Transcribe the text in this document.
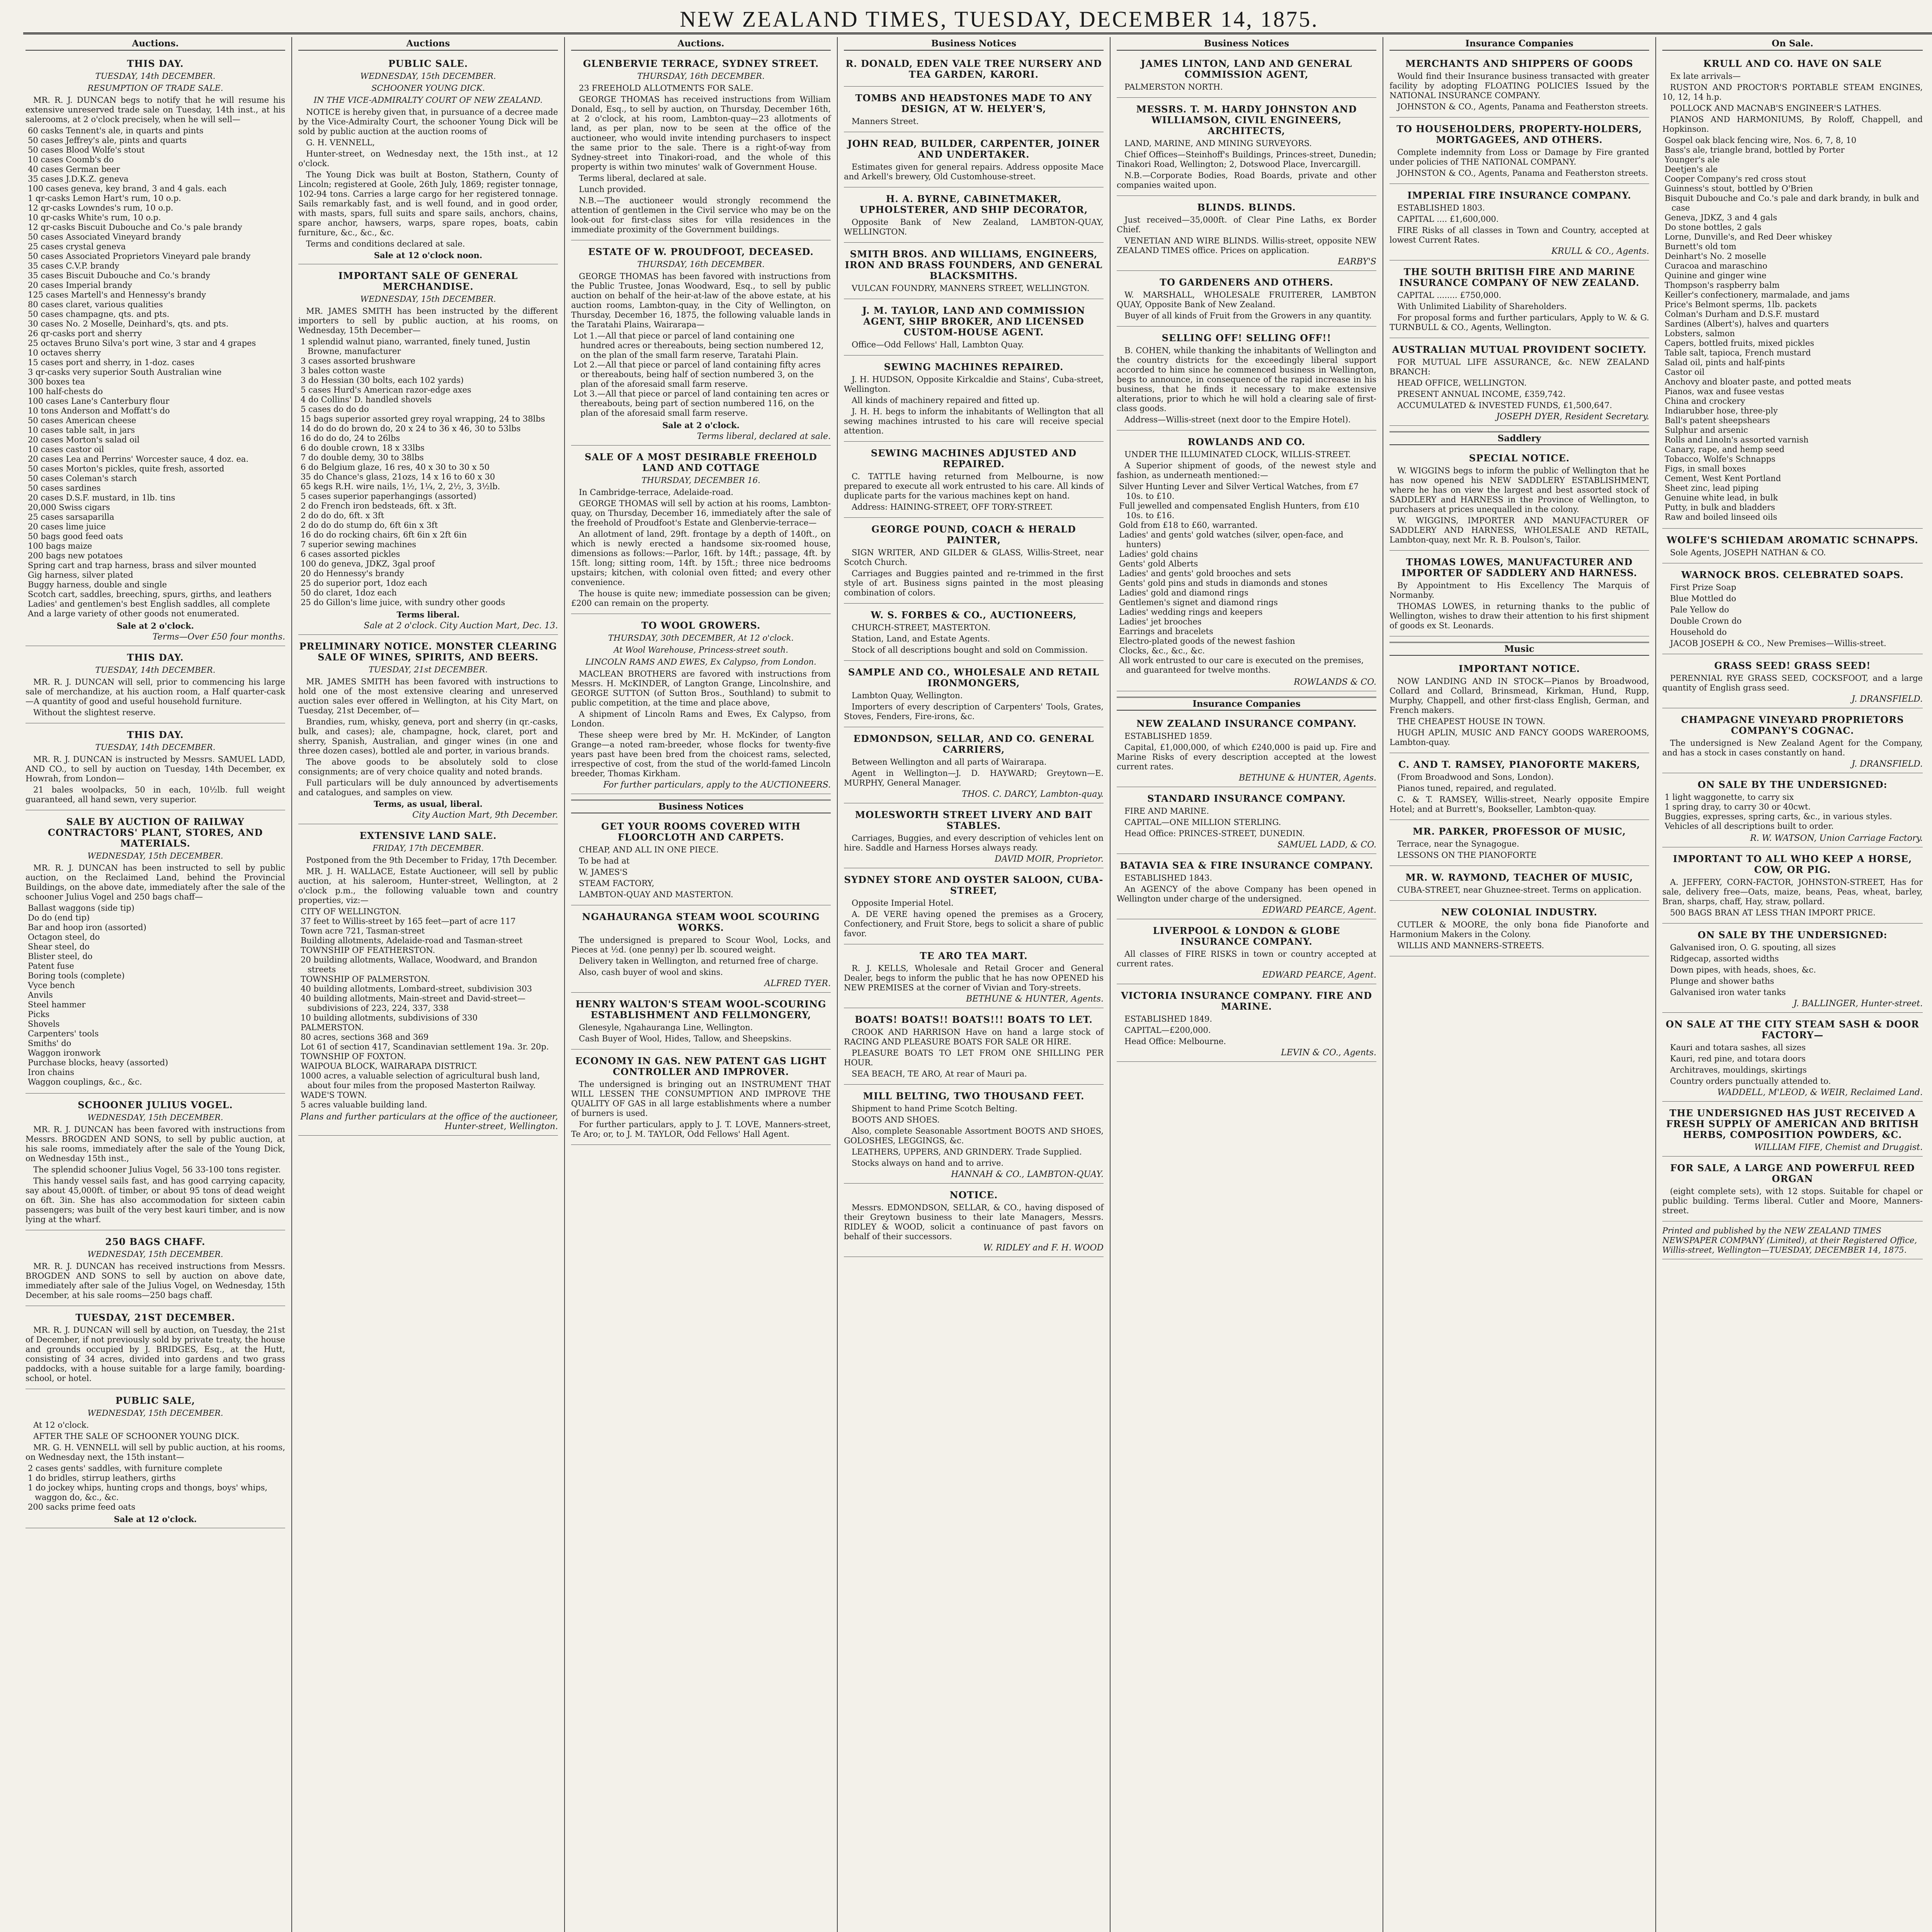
NEW ZEALAND TIMES, TUESDAY, DECEMBER 14, 1875.
Auctions.
THIS DAY.
TUESDAY, 14th DECEMBER.
RESUMPTION OF TRADE SALE.

MR. R. J. DUNCAN begs to notify that he will resume his extensive unreserved trade sale on Tuesday, 14th inst., at his salerooms, at 2 o'clock precisely, when he will sell—

60 casks Tennent's ale, in quarts and pints
50 cases Jeffrey's ale, pints and quarts
50 cases Blood Wolfe's stout
10 cases Coomb's do
40 cases German beer
35 cases J.D.K.Z. geneva
100 cases geneva, key brand, 3 and 4 gals. each
1 qr-casks Lemon Hart's rum, 10 o.p.
12 qr-casks Lowndes's rum, 10 o.p.
10 qr-casks White's rum, 10 o.p.
12 qr-casks Biscuit Dubouche and Co.'s pale brandy
50 cases Associated Vineyard brandy
25 cases crystal geneva
50 cases Associated Proprietors Vineyard pale brandy
35 cases C.V.P. brandy
35 cases Biscuit Dubouche and Co.'s brandy
20 cases Imperial brandy
125 cases Martell's and Hennessy's brandy
80 cases claret, various qualities
50 cases champagne, qts. and pts.
30 cases No. 2 Moselle, Deinhard's, qts. and pts.
26 qr-casks port and sherry
25 octaves Bruno Silva's port wine, 3 star and 4 grapes
10 octaves sherry
15 cases port and sherry, in 1-doz. cases
3 qr-casks very superior South Australian wine
300 boxes tea
100 half-chests do
100 cases Lane's Canterbury flour
10 tons Anderson and Moffatt's do
50 cases American cheese
10 cases table salt, in jars
20 cases Morton's salad oil
10 cases castor oil
20 cases Lea and Perrins' Worcester sauce, 4 doz. ea.
50 cases Morton's pickles, quite fresh, assorted
50 cases Coleman's starch
50 cases sardines
20 cases D.S.F. mustard, in 1lb. tins
20,000 Swiss cigars
25 cases sarsaparilla
20 cases lime juice
50 bags good feed oats
100 bags maize
200 bags new potatoes
Spring cart and trap harness, brass and silver mounted
Gig harness, silver plated
Buggy harness, double and single
Scotch cart, saddles, breeching, spurs, girths, and leathers
Ladies' and gentlemen's best English saddles, all complete
And a large variety of other goods not enumerated.
Sale at 2 o'clock.
Terms—Over £50 four months.
THIS DAY.
TUESDAY, 14th DECEMBER.

MR. R. J. DUNCAN will sell, prior to commencing his large sale of merchandize, at his auction room, a Half quarter-cask—A quantity of good and useful household furniture.

Without the slightest reserve.

THIS DAY.
TUESDAY, 14th DECEMBER.

MR. R. J. DUNCAN is instructed by Messrs. SAMUEL LADD, AND CO., to sell by auction on Tuesday, 14th December, ex Howrah, from London—

21 bales woolpacks, 50 in each, 10½lb. full weight guaranteed, all hand sewn, very superior.

SALE BY AUCTION OF RAILWAY CONTRACTORS' PLANT, STORES, AND MATERIALS.
WEDNESDAY, 15th DECEMBER.

MR. R. J. DUNCAN has been instructed to sell by public auction, on the Reclaimed Land, behind the Provincial Buildings, on the above date, immediately after the sale of the schooner Julius Vogel and 250 bags chaff—

Ballast waggons (side tip)
Do do (end tip)
Bar and hoop iron (assorted)
Octagon steel, do
Shear steel, do
Blister steel, do
Patent fuse
Boring tools (complete)
Vyce bench
Anvils
Steel hammer
Picks
Shovels
Carpenters' tools
Smiths' do
Waggon ironwork
Purchase blocks, heavy (assorted)
Iron chains
Waggon couplings, &c., &c.
SCHOONER JULIUS VOGEL.
WEDNESDAY, 15th DECEMBER.

MR. R. J. DUNCAN has been favored with instructions from Messrs. BROGDEN AND SONS, to sell by public auction, at his sale rooms, immediately after the sale of the Young Dick, on Wednesday 15th inst.,

The splendid schooner Julius Vogel, 56 33-100 tons register.

This handy vessel sails fast, and has good carrying capacity, say about 45,000ft. of timber, or about 95 tons of dead weight on 6ft. 3in. She has also accommodation for sixteen cabin passengers; was built of the very best kauri timber, and is now lying at the wharf.

250 BAGS CHAFF.
WEDNESDAY, 15th DECEMBER.

MR. R. J. DUNCAN has received instructions from Messrs. BROGDEN AND SONS to sell by auction on above date, immediately after sale of the Julius Vogel, on Wednesday, 15th December, at his sale rooms—250 bags chaff.

TUESDAY, 21ST DECEMBER.

MR. R. J. DUNCAN will sell by auction, on Tuesday, the 21st of December, if not previously sold by private treaty, the house and grounds occupied by J. BRIDGES, Esq., at the Hutt, consisting of 34 acres, divided into gardens and two grass paddocks, with a house suitable for a large family, boarding-school, or hotel.

PUBLIC SALE,
WEDNESDAY, 15th DECEMBER.

At 12 o'clock.

AFTER THE SALE OF SCHOONER YOUNG DICK.

MR. G. H. VENNELL will sell by public auction, at his rooms, on Wednesday next, the 15th instant—

2 cases gents' saddles, with furniture complete
1 do bridles, stirrup leathers, girths
1 do jockey whips, hunting crops and thongs, boys' whips, waggon do, &c., &c.
200 sacks prime feed oats
Sale at 12 o'clock.
Auctions
PUBLIC SALE.
WEDNESDAY, 15th DECEMBER.
SCHOONER YOUNG DICK.
IN THE VICE-ADMIRALTY COURT OF NEW ZEALAND.

NOTICE is hereby given that, in pursuance of a decree made by the Vice-Admiralty Court, the schooner Young Dick will be sold by public auction at the auction rooms of

G. H. VENNELL,

Hunter-street, on Wednesday next, the 15th inst., at 12 o'clock.

The Young Dick was built at Boston, Stathern, County of Lincoln; registered at Goole, 26th July, 1869; register tonnage, 102-94 tons. Carries a large cargo for her registered tonnage. Sails remarkably fast, and is well found, and in good order, with masts, spars, full suits and spare sails, anchors, chains, spare anchor, hawsers, warps, spare ropes, boats, cabin furniture, &c., &c., &c.

Terms and conditions declared at sale.

Sale at 12 o'clock noon.
IMPORTANT SALE OF GENERAL MERCHANDISE.
WEDNESDAY, 15th DECEMBER.

MR. JAMES SMITH has been instructed by the different importers to sell by public auction, at his rooms, on Wednesday, 15th December—

1 splendid walnut piano, warranted, finely tuned, Justin Browne, manufacturer
3 cases assorted brushware
3 bales cotton waste
3 do Hessian (30 bolts, each 102 yards)
5 cases Hurd's American razor-edge axes
4 do Collins' D. handled shovels
5 cases do do do
15 bags superior assorted grey royal wrapping, 24 to 38lbs
14 do do do brown do, 20 x 24 to 36 x 46, 30 to 53lbs
16 do do do, 24 to 26lbs
6 do double crown, 18 x 33lbs
7 do double demy, 30 to 38lbs
6 do Belgium glaze, 16 res, 40 x 30 to 30 x 50
35 do Chance's glass, 21ozs, 14 x 16 to 60 x 30
65 kegs R.H. wire nails, 1½, 1¼, 2, 2½, 3, 3½lb.
5 cases superior paperhangings (assorted)
2 do French iron bedsteads, 6ft. x 3ft.
2 do do do, 6ft. x 3ft
2 do do do stump do, 6ft 6in x 3ft
16 do do rocking chairs, 6ft 6in x 2ft 6in
7 superior sewing machines
6 cases assorted pickles
100 do geneva, JDKZ, 3gal proof
20 do Hennessy's brandy
25 do superior port, 1doz each
50 do claret, 1doz each
25 do Gillon's lime juice, with sundry other goods
Terms liberal.
Sale at 2 o'clock. City Auction Mart, Dec. 13.
PRELIMINARY NOTICE. MONSTER CLEARING SALE OF WINES, SPIRITS, AND BEERS.
TUESDAY, 21st DECEMBER.

MR. JAMES SMITH has been favored with instructions to hold one of the most extensive clearing and unreserved auction sales ever offered in Wellington, at his City Mart, on Tuesday, 21st December, of—

Brandies, rum, whisky, geneva, port and sherry (in qr.-casks, bulk, and cases); ale, champagne, hock, claret, port and sherry, Spanish, Australian, and ginger wines (in one and three dozen cases), bottled ale and porter, in various brands.

The above goods to be absolutely sold to close consignments; are of very choice quality and noted brands.

Full particulars will be duly announced by advertisements and catalogues, and samples on view.

Terms, as usual, liberal.
City Auction Mart, 9th December.
EXTENSIVE LAND SALE.
FRIDAY, 17th DECEMBER.

Postponed from the 9th December to Friday, 17th December.

MR. J. H. WALLACE, Estate Auctioneer, will sell by public auction, at his saleroom, Hunter-street, Wellington, at 2 o'clock p.m., the following valuable town and country properties, viz:—

CITY OF WELLINGTON.
37 feet to Willis-street by 165 feet—part of acre 117
Town acre 721, Tasman-street
Building allotments, Adelaide-road and Tasman-street
TOWNSHIP OF FEATHERSTON.
20 building allotments, Wallace, Woodward, and Brandon streets
TOWNSHIP OF PALMERSTON.
40 building allotments, Lombard-street, subdivision 303
40 building allotments, Main-street and David-street—subdivisions of 223, 224, 337, 338
10 building allotments, subdivisions of 330
PALMERSTON.
80 acres, sections 368 and 369
Lot 61 of section 417, Scandinavian settlement 19a. 3r. 20p.
TOWNSHIP OF FOXTON.
WAIPOUA BLOCK, WAIRARAPA DISTRICT.
1000 acres, a valuable selection of agricultural bush land, about four miles from the proposed Masterton Railway.
WADE'S TOWN.
5 acres valuable building land.
Plans and further particulars at the office of the auctioneer, Hunter-street, Wellington.
Auctions.
GLENBERVIE TERRACE, SYDNEY STREET.
THURSDAY, 16th DECEMBER.

23 FREEHOLD ALLOTMENTS FOR SALE.

GEORGE THOMAS has received instructions from William Donald, Esq., to sell by auction, on Thursday, December 16th, at 2 o'clock, at his room, Lambton-quay—23 allotments of land, as per plan, now to be seen at the office of the auctioneer, who would invite intending purchasers to inspect the same prior to the sale. There is a right-of-way from Sydney-street into Tinakori-road, and the whole of this property is within two minutes' walk of Government House.

Terms liberal, declared at sale.

Lunch provided.

N.B.—The auctioneer would strongly recommend the attention of gentlemen in the Civil service who may be on the look-out for first-class sites for villa residences in the immediate proximity of the Government buildings.

ESTATE OF W. PROUDFOOT, DECEASED.
THURSDAY, 16th DECEMBER.

GEORGE THOMAS has been favored with instructions from the Public Trustee, Jonas Woodward, Esq., to sell by public auction on behalf of the heir-at-law of the above estate, at his auction rooms, Lambton-quay, in the City of Wellington, on Thursday, December 16, 1875, the following valuable lands in the Taratahi Plains, Wairarapa—

Lot 1.—All that piece or parcel of land containing one hundred acres or thereabouts, being section numbered 12, on the plan of the small farm reserve, Taratahi Plain.
Lot 2.—All that piece or parcel of land containing fifty acres or thereabouts, being half of section numbered 3, on the plan of the aforesaid small farm reserve.
Lot 3.—All that piece or parcel of land containing ten acres or thereabouts, being part of section numbered 116, on the plan of the aforesaid small farm reserve.
Sale at 2 o'clock.
Terms liberal, declared at sale.
SALE OF A MOST DESIRABLE FREEHOLD LAND AND COTTAGE
THURSDAY, DECEMBER 16.

In Cambridge-terrace, Adelaide-road.

GEORGE THOMAS will sell by action at his rooms, Lambton-quay, on Thursday, December 16, immediately after the sale of the freehold of Proudfoot's Estate and Glenbervie-terrace—

An allotment of land, 29ft. frontage by a depth of 140ft., on which is newly erected a handsome six-roomed house, dimensions as follows:—Parlor, 16ft. by 14ft.; passage, 4ft. by 15ft. long; sitting room, 14ft. by 15ft.; three nice bedrooms upstairs; kitchen, with colonial oven fitted; and every other convenience.

The house is quite new; immediate possession can be given; £200 can remain on the property.

TO WOOL GROWERS.
THURSDAY, 30th DECEMBER, At 12 o'clock.
At Wool Warehouse, Princess-street south.
LINCOLN RAMS AND EWES, Ex Calypso, from London.

MACLEAN BROTHERS are favored with instructions from Messrs. H. McKINDER, of Langton Grange, Lincolnshire, and GEORGE SUTTON (of Sutton Bros., Southland) to submit to public competition, at the time and place above,

A shipment of Lincoln Rams and Ewes, Ex Calypso, from London.

These sheep were bred by Mr. H. McKinder, of Langton Grange—a noted ram-breeder, whose flocks for twenty-five years past have been bred from the choicest rams, selected, irrespective of cost, from the stud of the world-famed Lincoln breeder, Thomas Kirkham.

For further particulars, apply to the AUCTIONEERS.
Business Notices
GET YOUR ROOMS COVERED WITH FLOORCLOTH AND CARPETS.

CHEAP, AND ALL IN ONE PIECE.

To be had at

W. JAMES'S

STEAM FACTORY,

LAMBTON-QUAY AND MASTERTON.

NGAHAURANGA STEAM WOOL SCOURING WORKS.

The undersigned is prepared to Scour Wool, Locks, and Pieces at ½d. (one penny) per lb. scoured weight.

Delivery taken in Wellington, and returned free of charge.

Also, cash buyer of wool and skins.

ALFRED TYER.
HENRY WALTON'S STEAM WOOL-SCOURING ESTABLISHMENT AND FELLMONGERY,

Glenesyle, Ngahauranga Line, Wellington.

Cash Buyer of Wool, Hides, Tallow, and Sheepskins.

ECONOMY IN GAS. NEW PATENT GAS LIGHT CONTROLLER AND IMPROVER.

The undersigned is bringing out an INSTRUMENT THAT WILL LESSEN THE CONSUMPTION AND IMPROVE THE QUALITY OF GAS in all large establishments where a number of burners is used.

For further particulars, apply to J. T. LOVE, Manners-street, Te Aro; or, to J. M. TAYLOR, Odd Fellows' Hall Agent.

Business Notices
R. DONALD, EDEN VALE TREE NURSERY AND TEA GARDEN, KARORI.
TOMBS AND HEADSTONES MADE TO ANY DESIGN, AT W. HELYER'S,

Manners Street.

JOHN READ, BUILDER, CARPENTER, JOINER AND UNDERTAKER.

Estimates given for general repairs. Address opposite Mace and Arkell's brewery, Old Customhouse-street.

H. A. BYRNE, CABINETMAKER, UPHOLSTERER, AND SHIP DECORATOR,

Opposite Bank of New Zealand, LAMBTON-QUAY, WELLINGTON.

SMITH BROS. AND WILLIAMS, ENGINEERS, IRON AND BRASS FOUNDERS, AND GENERAL BLACKSMITHS.

VULCAN FOUNDRY, MANNERS STREET, WELLINGTON.

J. M. TAYLOR, LAND AND COMMISSION AGENT, SHIP BROKER, AND LICENSED CUSTOM-HOUSE AGENT.

Office—Odd Fellows' Hall, Lambton Quay.

SEWING MACHINES REPAIRED.

J. H. HUDSON, Opposite Kirkcaldie and Stains', Cuba-street, Wellington.

All kinds of machinery repaired and fitted up.

J. H. H. begs to inform the inhabitants of Wellington that all sewing machines intrusted to his care will receive special attention.

SEWING MACHINES ADJUSTED AND REPAIRED.

C. TATTLE having returned from Melbourne, is now prepared to execute all work entrusted to his care. All kinds of duplicate parts for the various machines kept on hand.

Address: HAINING-STREET, OFF TORY-STREET.

GEORGE POUND, COACH & HERALD PAINTER,

SIGN WRITER, AND GILDER & GLASS, Willis-Street, near Scotch Church.

Carriages and Buggies painted and re-trimmed in the first style of art. Business signs painted in the most pleasing combination of colors.

W. S. FORBES & CO., AUCTIONEERS,

CHURCH-STREET, MASTERTON.

Station, Land, and Estate Agents.

Stock of all descriptions bought and sold on Commission.

SAMPLE AND CO., WHOLESALE AND RETAIL IRONMONGERS,

Lambton Quay, Wellington.

Importers of every description of Carpenters' Tools, Grates, Stoves, Fenders, Fire-irons, &c.

EDMONDSON, SELLAR, AND CO. GENERAL CARRIERS,

Between Wellington and all parts of Wairarapa.

Agent in Wellington—J. D. HAYWARD; Greytown—E. MURPHY, General Manager.

THOS. C. DARCY, Lambton-quay.
MOLESWORTH STREET LIVERY AND BAIT STABLES.

Carriages, Buggies, and every description of vehicles lent on hire. Saddle and Harness Horses always ready.

DAVID MOIR, Proprietor.
SYDNEY STORE AND OYSTER SALOON, CUBA-STREET,

Opposite Imperial Hotel.

A. DE VERE having opened the premises as a Grocery, Confectionery, and Fruit Store, begs to solicit a share of public favor.

TE ARO TEA MART.

R. J. KELLS, Wholesale and Retail Grocer and General Dealer, begs to inform the public that he has now OPENED his NEW PREMISES at the corner of Vivian and Tory-streets.

BETHUNE & HUNTER, Agents.
BOATS! BOATS!! BOATS!!! BOATS TO LET.

CROOK AND HARRISON Have on hand a large stock of RACING AND PLEASURE BOATS FOR SALE OR HIRE.

PLEASURE BOATS TO LET FROM ONE SHILLING PER HOUR.

SEA BEACH, TE ARO, At rear of Mauri pa.

MILL BELTING, TWO THOUSAND FEET.

Shipment to hand Prime Scotch Belting.

BOOTS AND SHOES.

Also, complete Seasonable Assortment BOOTS AND SHOES, GOLOSHES, LEGGINGS, &c.

LEATHERS, UPPERS, AND GRINDERY. Trade Supplied.

Stocks always on hand and to arrive.

HANNAH & CO., LAMBTON-QUAY.
NOTICE.

Messrs. EDMONDSON, SELLAR, & CO., having disposed of their Greytown business to their late Managers, Messrs. RIDLEY & WOOD, solicit a continuance of past favors on behalf of their successors.

W. RIDLEY and F. H. WOOD
Business Notices
JAMES LINTON, LAND AND GENERAL COMMISSION AGENT,

PALMERSTON NORTH.

MESSRS. T. M. HARDY JOHNSTON AND WILLIAMSON, CIVIL ENGINEERS, ARCHITECTS,

LAND, MARINE, AND MINING SURVEYORS.

Chief Offices—Steinhoff's Buildings, Princes-street, Dunedin; Tinakori Road, Wellington; 2, Dotswood Place, Invercargill.

N.B.—Corporate Bodies, Road Boards, private and other companies waited upon.

BLINDS. BLINDS.

Just received—35,000ft. of Clear Pine Laths, ex Border Chief.

VENETIAN AND WIRE BLINDS. Willis-street, opposite NEW ZEALAND TIMES office. Prices on application.

EARBY'S
TO GARDENERS AND OTHERS.

W. MARSHALL, WHOLESALE FRUITERER, LAMBTON QUAY, Opposite Bank of New Zealand.

Buyer of all kinds of Fruit from the Growers in any quantity.

SELLING OFF! SELLING OFF!!

B. COHEN, while thanking the inhabitants of Wellington and the country districts for the exceedingly liberal support accorded to him since he commenced business in Wellington, begs to announce, in consequence of the rapid increase in his business, that he finds it necessary to make extensive alterations, prior to which he will hold a clearing sale of first-class goods.

Address—Willis-street (next door to the Empire Hotel).

ROWLANDS AND CO.

UNDER THE ILLUMINATED CLOCK, WILLIS-STREET.

A Superior shipment of goods, of the newest style and fashion, as underneath mentioned:—

Silver Hunting Lever and Silver Vertical Watches, from £7 10s. to £10.
Full jewelled and compensated English Hunters, from £10 10s. to £16.
Gold from £18 to £60, warranted.
Ladies' and gents' gold watches (silver, open-face, and hunters)
Ladies' gold chains
Gents' gold Alberts
Ladies' and gents' gold brooches and sets
Gents' gold pins and studs in diamonds and stones
Ladies' gold and diamond rings
Gentlemen's signet and diamond rings
Ladies' wedding rings and keepers
Ladies' jet brooches
Earrings and bracelets
Electro-plated goods of the newest fashion
Clocks, &c., &c., &c.
All work entrusted to our care is executed on the premises, and guaranteed for twelve months.
ROWLANDS & CO.
Insurance Companies
NEW ZEALAND INSURANCE COMPANY.

ESTABLISHED 1859.

Capital, £1,000,000, of which £240,000 is paid up. Fire and Marine Risks of every description accepted at the lowest current rates.

BETHUNE & HUNTER, Agents.
STANDARD INSURANCE COMPANY.

FIRE AND MARINE.

CAPITAL—ONE MILLION STERLING.

Head Office: PRINCES-STREET, DUNEDIN.

SAMUEL LADD, & CO.
BATAVIA SEA & FIRE INSURANCE COMPANY.

ESTABLISHED 1843.

An AGENCY of the above Company has been opened in Wellington under charge of the undersigned.

EDWARD PEARCE, Agent.
LIVERPOOL & LONDON & GLOBE INSURANCE COMPANY.

All classes of FIRE RISKS in town or country accepted at current rates.

EDWARD PEARCE, Agent.
VICTORIA INSURANCE COMPANY. FIRE AND MARINE.

ESTABLISHED 1849.

CAPITAL—£200,000.

Head Office: Melbourne.

LEVIN & CO., Agents.
Insurance Companies
MERCHANTS AND SHIPPERS OF GOODS

Would find their Insurance business transacted with greater facility by adopting FLOATING POLICIES Issued by the NATIONAL INSURANCE COMPANY.

JOHNSTON & CO., Agents, Panama and Featherston streets.

TO HOUSEHOLDERS, PROPERTY-HOLDERS, MORTGAGEES, AND OTHERS.

Complete indemnity from Loss or Damage by Fire granted under policies of THE NATIONAL COMPANY.

JOHNSTON & CO., Agents, Panama and Featherston streets.

IMPERIAL FIRE INSURANCE COMPANY.

ESTABLISHED 1803.

CAPITAL .... £1,600,000.

FIRE Risks of all classes in Town and Country, accepted at lowest Current Rates.

KRULL & CO., Agents.
THE SOUTH BRITISH FIRE AND MARINE INSURANCE COMPANY OF NEW ZEALAND.

CAPITAL ........ £750,000.

With Unlimited Liability of Shareholders.

For proposal forms and further particulars, Apply to W. & G. TURNBULL & CO., Agents, Wellington.

AUSTRALIAN MUTUAL PROVIDENT SOCIETY.

FOR MUTUAL LIFE ASSURANCE, &c. NEW ZEALAND BRANCH:

HEAD OFFICE, WELLINGTON.

PRESENT ANNUAL INCOME, £359,742.

ACCUMULATED & INVESTED FUNDS, £1,500,647.

JOSEPH DYER, Resident Secretary.
Saddlery
SPECIAL NOTICE.

W. WIGGINS begs to inform the public of Wellington that he has now opened his NEW SADDLERY ESTABLISHMENT, where he has on view the largest and best assorted stock of SADDLERY and HARNESS in the Province of Wellington, to purchasers at prices unequalled in the colony.

W. WIGGINS, IMPORTER AND MANUFACTURER OF SADDLERY AND HARNESS, WHOLESALE AND RETAIL, Lambton-quay, next Mr. R. B. Poulson's, Tailor.

THOMAS LOWES, MANUFACTURER AND IMPORTER OF SADDLERY AND HARNESS.

By Appointment to His Excellency The Marquis of Normanby.

THOMAS LOWES, in returning thanks to the public of Wellington, wishes to draw their attention to his first shipment of goods ex St. Leonards.

Music
IMPORTANT NOTICE.

NOW LANDING AND IN STOCK—Pianos by Broadwood, Collard and Collard, Brinsmead, Kirkman, Hund, Rupp, Murphy, Chappell, and other first-class English, German, and French makers.

THE CHEAPEST HOUSE IN TOWN.

HUGH APLIN, MUSIC AND FANCY GOODS WAREROOMS, Lambton-quay.

C. AND T. RAMSEY, PIANOFORTE MAKERS,

(From Broadwood and Sons, London).

Pianos tuned, repaired, and regulated.

C. & T. RAMSEY, Willis-street, Nearly opposite Empire Hotel; and at Burrett's, Bookseller, Lambton-quay.

MR. PARKER, PROFESSOR OF MUSIC,

Terrace, near the Synagogue.

LESSONS ON THE PIANOFORTE

MR. W. RAYMOND, TEACHER OF MUSIC,

CUBA-STREET, near Ghuznee-street. Terms on application.

NEW COLONIAL INDUSTRY.

CUTLER & MOORE, the only bona fide Pianoforte and Harmonium Makers in the Colony.

WILLIS AND MANNERS-STREETS.

On Sale.
KRULL AND CO. HAVE ON SALE

Ex late arrivals—

RUSTON AND PROCTOR'S PORTABLE STEAM ENGINES, 10, 12, 14 h.p.

POLLOCK AND MACNAB'S ENGINEER'S LATHES.

PIANOS AND HARMONIUMS, By Roloff, Chappell, and Hopkinson.

Gospel oak black fencing wire, Nos. 6, 7, 8, 10
Bass's ale, triangle brand, bottled by Porter
Younger's ale
Deetjen's ale
Cooper Company's red cross stout
Guinness's stout, bottled by O'Brien
Bisquit Dubouche and Co.'s pale and dark brandy, in bulk and case
Geneva, JDKZ, 3 and 4 gals
Do stone bottles, 2 gals
Lorne, Dunville's, and Red Deer whiskey
Burnett's old tom
Deinhart's No. 2 moselle
Curacoa and maraschino
Quinine and ginger wine
Thompson's raspberry balm
Keiller's confectionery, marmalade, and jams
Price's Belmont sperms, 1lb. packets
Colman's Durham and D.S.F. mustard
Sardines (Albert's), halves and quarters
Lobsters, salmon
Capers, bottled fruits, mixed pickles
Table salt, tapioca, French mustard
Salad oil, pints and half-pints
Castor oil
Anchovy and bloater paste, and potted meats
Pianos, wax and fusee vestas
China and crockery
Indiarubber hose, three-ply
Ball's patent sheepshears
Sulphur and arsenic
Rolls and Linoln's assorted varnish
Canary, rape, and hemp seed
Tobacco, Wolfe's Schnapps
Figs, in small boxes
Cement, West Kent Portland
Sheet zinc, lead piping
Genuine white lead, in bulk
Putty, in bulk and bladders
Raw and boiled linseed oils
WOLFE'S SCHIEDAM AROMATIC SCHNAPPS.

Sole Agents, JOSEPH NATHAN & CO.

WARNOCK BROS. CELEBRATED SOAPS.

First Prize Soap

Blue Mottled do

Pale Yellow do

Double Crown do

Household do

JACOB JOSEPH & CO., New Premises—Willis-street.

GRASS SEED! GRASS SEED!

PERENNIAL RYE GRASS SEED, COCKSFOOT, and a large quantity of English grass seed.

J. DRANSFIELD.
CHAMPAGNE VINEYARD PROPRIETORS COMPANY'S COGNAC.

The undersigned is New Zealand Agent for the Company, and has a stock in cases constantly on hand.

J. DRANSFIELD.
ON SALE BY THE UNDERSIGNED:
1 light waggonette, to carry six
1 spring dray, to carry 30 or 40cwt.
Buggies, expresses, spring carts, &c., in various styles.
Vehicles of all descriptions built to order.
R. W. WATSON, Union Carriage Factory.
IMPORTANT TO ALL WHO KEEP A HORSE, COW, OR PIG.

A. JEFFERY, CORN-FACTOR, JOHNSTON-STREET, Has for sale, delivery free—Oats, maize, beans, Peas, wheat, barley, Bran, sharps, chaff, Hay, straw, pollard.

500 BAGS BRAN AT LESS THAN IMPORT PRICE.

ON SALE BY THE UNDERSIGNED:

Galvanised iron, O. G. spouting, all sizes

Ridgecap, assorted widths

Down pipes, with heads, shoes, &c.

Plunge and shower baths

Galvanised iron water tanks

J. BALLINGER, Hunter-street.
ON SALE AT THE CITY STEAM SASH & DOOR FACTORY—

Kauri and totara sashes, all sizes

Kauri, red pine, and totara doors

Architraves, mouldings, skirtings

Country orders punctually attended to.

WADDELL, M'LEOD, & WEIR, Reclaimed Land.
THE UNDERSIGNED HAS JUST RECEIVED A FRESH SUPPLY OF AMERICAN AND BRITISH HERBS, COMPOSITION POWDERS, &C.
WILLIAM FIFE, Chemist and Druggist.
FOR SALE, A LARGE AND POWERFUL REED ORGAN

(eight complete sets), with 12 stops. Suitable for chapel or public building. Terms liberal. Cutler and Moore, Manners-street.

Printed and published by the NEW ZEALAND TIMES NEWSPAPER COMPANY (Limited), at their Registered Office, Willis-street, Wellington—TUESDAY, DECEMBER 14, 1875.
